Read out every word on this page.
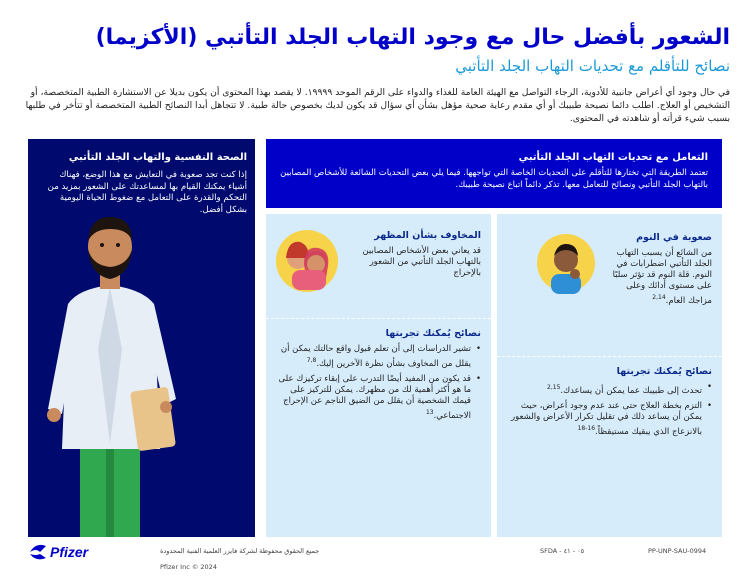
الشعور بأفضل حال مع وجود التهاب الجلد التأتبي (الأكزيما)
نصائح للتأقلم مع تحديات التهاب الجلد التأتبي
في حال وجود أي أعراض جانبية للأدوية، الرجاء التواصل مع الهيئة العامة للغذاء والدواء على الرقم الموحد ١٩٩٩٩. لا يقصد بهذا المحتوى أن يكون بديلا عن الاستشارة الطبية المتخصصة، أو التشخيص أو العلاج. اطلب دائما نصيحة طبيبك أو أي مقدم رعاية صحية مؤهل بشأن أي سؤال قد يكون لديك بخصوص حالة طبية. لا تتجاهل أبدا النصائح الطبية المتخصصة أو تتأخر في طلبها بسبب شيء قرأته أو شاهدته في المحتوى.
الصحة النفسية والتهاب الجلد التأتبي
إذا كنت تجد صعوبة في التعايش مع هذا الوضع، فهناك أشياء يمكنك القيام بها لمساعدتك على الشعور بمزيد من التحكم والقدرة على التعامل مع ضغوط الحياة اليومية بشكل أفضل.
التعامل مع تحديات التهاب الجلد التأتبي
تعتمد الطريقة التي تختارها للتأقلم على التحديات الخاصة التي تواجهها. فيما يلي بعض التحديات الشائعة للأشخاص المصابين بالتهاب الجلد التأتبي ونصائح للتعامل معها. تذكر دائماً اتباع نصيحة طبيبك.
المخاوف بشأن المظهر
قد يعاني بعض الأشخاص المصابين بالتهاب الجلد التأتبي من الشعور بالإحراج
نصائح يُمكنك تجربتها
• تشير الدراسات إلى أن تعلم قبول واقع حالتك يمكن أن يقلل من المخاوف بشأن نظرة الآخرين إليك.$^{7,8}$
• قد يكون من المفيد أيضًا التدرب على إبقاء تركيزك على ما هو أكثر أهمية لك من مظهرك. يمكن للتركيز على قيمك الشخصية أن يقلل من الضيق الناجم عن الإحراج الاجتماعي.$^{13}$
صعوبة في النوم
من الشائع أن يسبب التهاب الجلد التأتبي اضطرابات في النوم. قلة النوم قد تؤثر سلبًا على مستوى أدائك وعلى مزاجك العام.$^{2,14}$
نصائح يُمكنك تجربتها
• تحدث إلى طبيبك عما يمكن أن يساعدك.$^{2,15}$
• التزم بخطة العلاج حتى عند عدم وجود أعراض، حيث يمكن أن يساعد ذلك في تقليل تكرار الأعراض والشعور بالانزعاج الذي يبقيك مستيقظاً.$^{16-18}$
Pfizer	جميع الحقوق محفوظة لشركة فايزر العلمية الفنية المحدودة
Pfizer Inc © 2024
SFDA - ٠٥ - ٤١	PP-UNP-SAU-0994
